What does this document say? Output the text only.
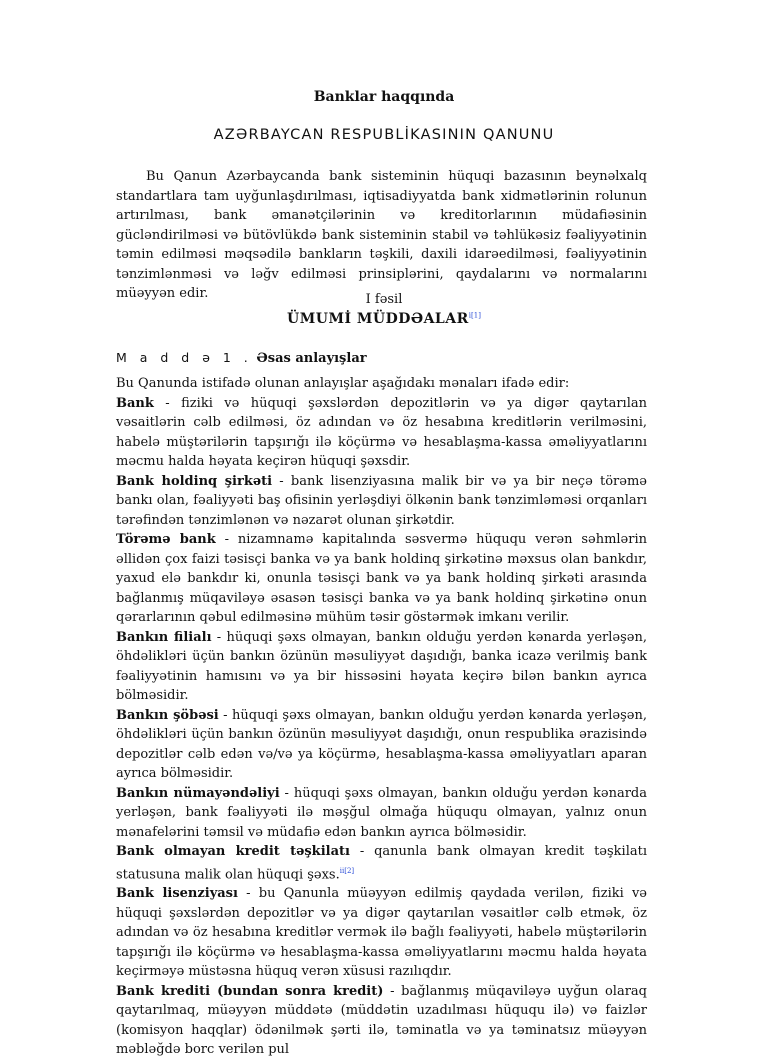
Banklar haqqında
AZƏRBAYCAN RESPUBLİKASININ QANUNU

Bu Qanun Azərbaycanda bank sisteminin hüquqi bazasının beynəlxalq standartlara tam uyğunlaşdırılması, iqtisadiyyatda bank xidmətlərinin rolunun artırılması, bank əmanətçilərinin və kreditorlarının müdafiəsinin gücləndirilməsi və bütövlükdə bank sisteminin stabil və təhlükəsiz fəaliyyətinin təmin edilməsi məqsədilə bankların təşkili, daxili idarəedilməsi, fəaliyyətinin tənzimlənməsi və ləğv edilməsi prinsiplərini, qaydalarını və normalarını müəyyən edir.	I fəsil
ÜMUMİ MÜDDƏALAR$^{i[1]}$
M a d d ə 1 . Əsas anlayışlar

Bu Qanunda istifadə olunan anlayışlar aşağıdakı mənaları ifadə edir:

Bank - fiziki və hüquqi şəxslərdən depozitlərin və ya digər qaytarılan vəsaitlərin cəlb edilməsi, öz adından və öz hesabına kreditlərin verilməsini, habelə müştərilərin tapşırığı ilə köçürmə və hesablaşma-kassa əməliyyatlarını məcmu halda həyata keçirən hüquqi şəxsdir.

Bank holdinq şirkəti - bank lisenziyasına malik bir və ya bir neçə törəmə bankı olan, fəaliyyəti baş ofisinin yerləşdiyi ölkənin bank tənzimləməsi orqanları tərəfindən tənzimlənən və nəzarət olunan şirkətdir.

Törəmə bank - nizamnamə kapitalında səsvermə hüququ verən səhmlərin əllidən çox faizi təsisçi banka və ya bank holdinq şirkətinə məxsus olan bankdır, yaxud elə bankdır ki, onunla təsisçi bank və ya bank holdinq şirkəti arasında bağlanmış müqaviləyə əsasən təsisçi banka və ya bank holdinq şirkətinə onun qərarlarının qəbul edilməsinə mühüm təsir göstərmək imkanı verilir.

Bankın filialı - hüquqi şəxs olmayan, bankın olduğu yerdən kənarda yerləşən, öhdəlikləri üçün bankın özünün məsuliyyət daşıdığı, banka icazə verilmiş bank fəaliyyətinin hamısını və ya bir hissəsini həyata keçirə bilən bankın ayrıca bölməsidir.

Bankın şöbəsi - hüquqi şəxs olmayan, bankın olduğu yerdən kənarda yerləşən, öhdəlikləri üçün bankın özünün məsuliyyət daşıdığı, onun respublika ərazisində depozitlər cəlb edən və/və ya köçürmə, hesablaşma-kassa əməliyyatları aparan ayrıca bölməsidir.

Bankın nümayəndəliyi - hüquqi şəxs olmayan, bankın olduğu yerdən kənarda yerləşən, bank fəaliyyəti ilə məşğul olmağa hüququ olmayan, yalnız onun mənafelərini təmsil və müdafiə edən bankın ayrıca bölməsidir.

Bank olmayan kredit təşkilatı - qanunla bank olmayan kredit təşkilatı statusuna malik olan hüquqi şəxs.$^{ii[2]}$

Bank lisenziyası - bu Qanunla müəyyən edilmiş qaydada verilən, fiziki və hüquqi şəxslərdən depozitlər və ya digər qaytarılan vəsaitlər cəlb etmək, öz adından və öz hesabına kreditlər vermək ilə bağlı fəaliyyəti, habelə müştərilərin tapşırığı ilə köçürmə və hesablaşma-kassa əməliyyatlarını məcmu halda həyata keçirməyə müstəsna hüquq verən xüsusi razılıqdır.

Bank krediti (bundan sonra kredit) - bağlanmış müqaviləyə uyğun olaraq qaytarılmaq, müəyyən müddətə (müddətin uzadılması hüququ ilə) və faizlər (komisyon haqqlar) ödənilmək şərti ilə, təminatla və ya təminatsız müəyyən məbləğdə borc verilən pul
